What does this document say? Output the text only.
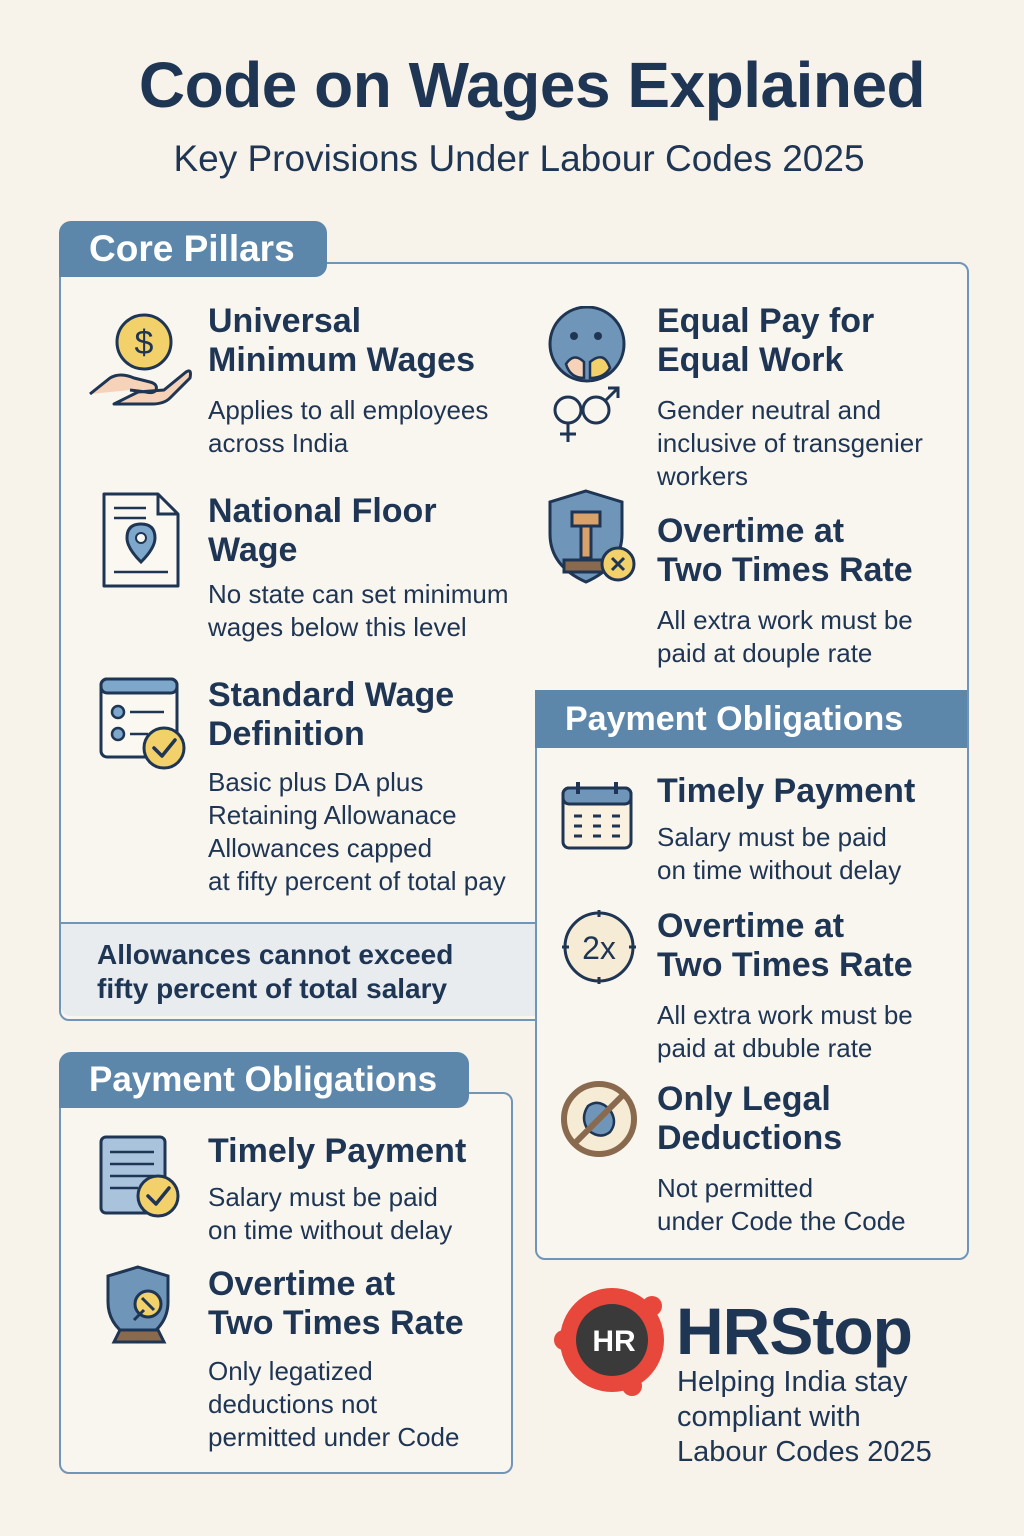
Code on Wages Explained
Key Provisions Under Labour Codes 2025
Core Pillars
Payment Obligations
Allowances cannot exceed
fifty percent of total salary
Payment Obligations
$
Universal
Minimum Wages
Applies to all employees
across India
National Floor
Wage
No state can set minimum
wages below this level
Standard Wage
Definition
Basic plus DA plus
Retaining Allowanace
Allowances capped
at fifty percent of total pay
Equal Pay for
Equal Work
Gender neutral and
inclusive of transgenier
workers
Overtime at
Two Times Rate
All extra work must be
paid at douple rate
Timely Payment
Salary must be paid
on time without delay
2x
Overtime at
Two Times Rate
All extra work must be
paid at dbuble rate
Only Legal
Deductions
Not permitted
under Code the Code
Timely Payment
Salary must be paid
on time without delay
Overtime at
Two Times Rate
Only legatized
deductions not
permitted under Code
HR HRStop
Helping India stay
compliant with
Labour Codes 2025
